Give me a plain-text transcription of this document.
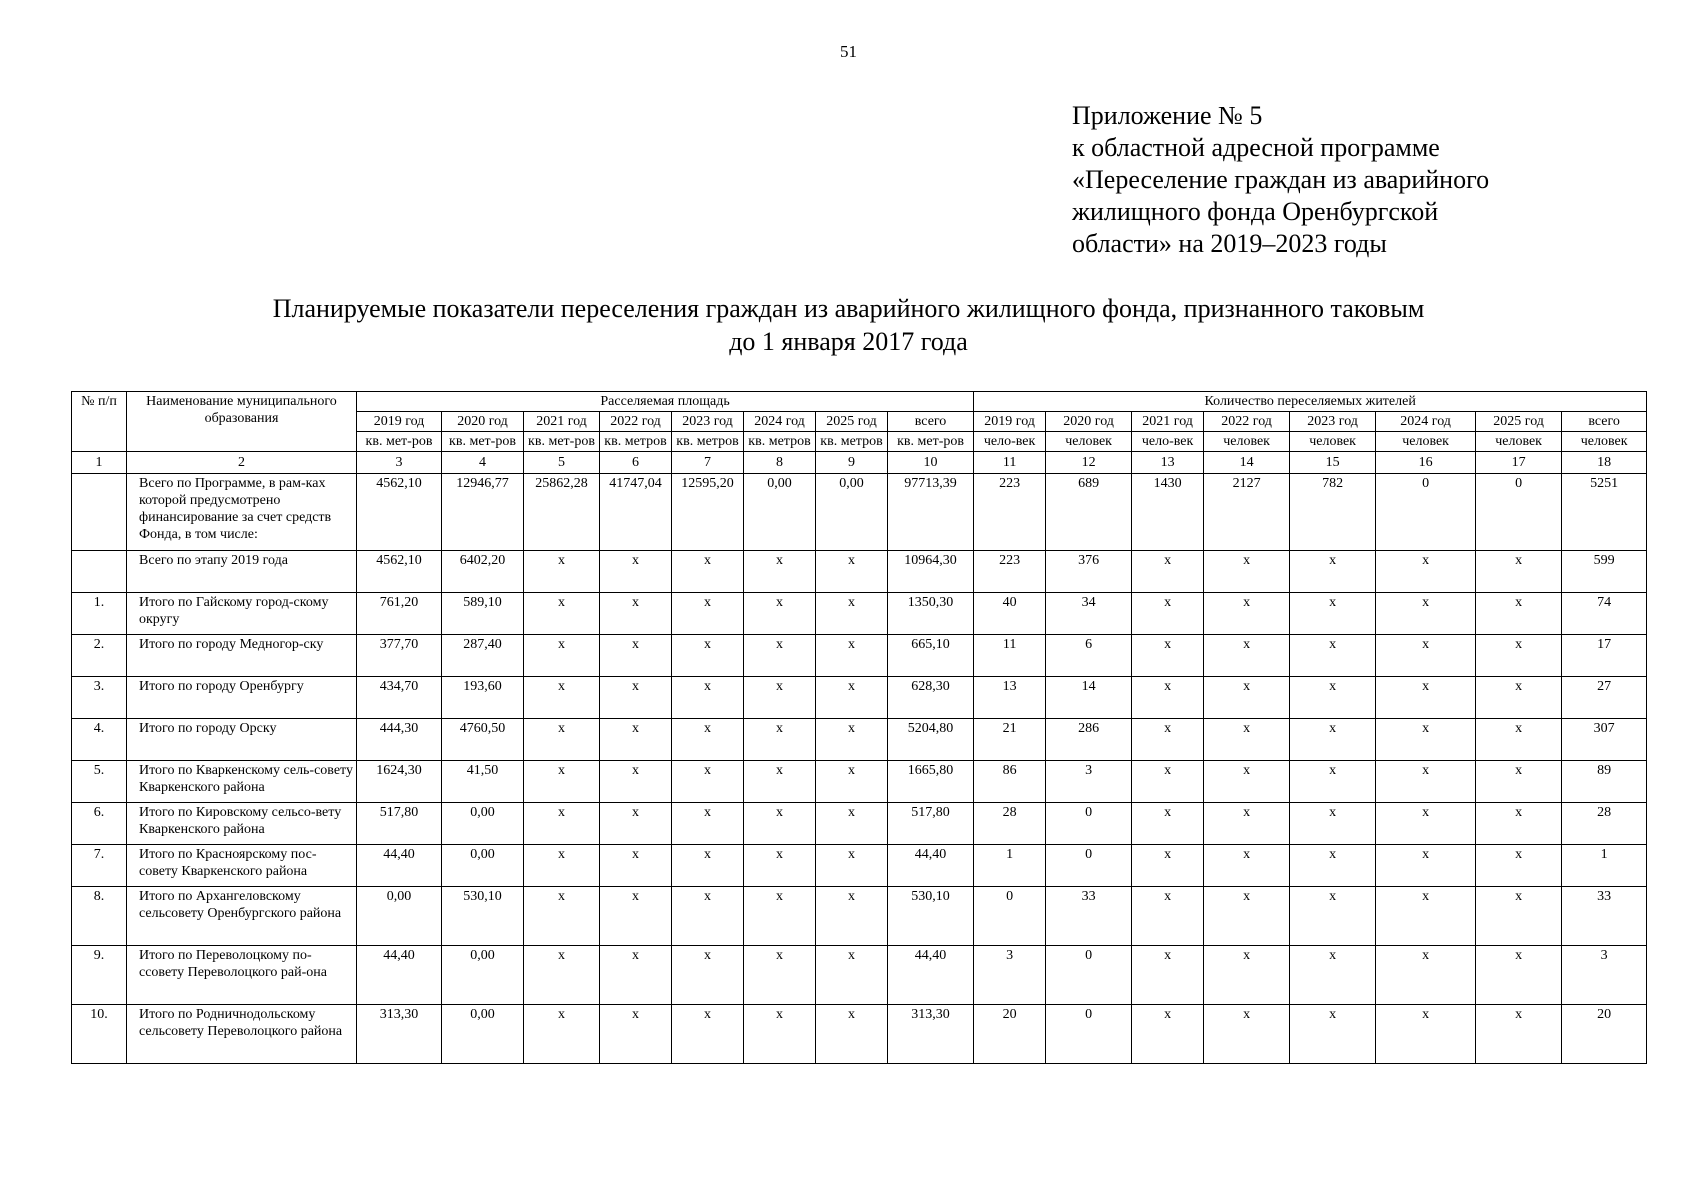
51
Приложение № 5
к областной адресной программе
«Переселение граждан из аварийного
жилищного фонда Оренбургской
области» на 2019–2023 годы
Планируемые показатели переселения граждан из аварийного жилищного фонда, признанного таковым
до 1 января 2017 года
№ п/п	Наименование муниципального образования	Расселяемая площадь								Количество переселяемых жителей							
		2019 год	2020 год	2021 год	2022 год	2023 год	2024 год	2025 год	всего	2019 год	2020 год	2021 год	2022 год	2023 год	2024 год	2025 год	всего
		кв. мет-ров	кв. мет-ров	кв. мет-ров	кв. метров	кв. метров	кв. метров	кв. метров	кв. мет-ров	чело-век	человек	чело-век	человек	человек	человек	человек	человек
1	2	3	4	5	6	7	8	9	10	11	12	13	14	15	16	17	18
	Всего по Программе, в рам-ках которой предусмотрено финансирование за счет средств Фонда, в том числе:	4562,10	12946,77	25862,28	41747,04	12595,20	0,00	0,00	97713,39	223	689	1430	2127	782	0	0	5251
	Всего по этапу 2019 года	4562,10	6402,20	х	х	х	х	х	10964,30	223	376	х	х	х	х	х	599
1.	Итого по Гайскому город-скому округу	761,20	589,10	х	х	х	х	х	1350,30	40	34	х	х	х	х	х	74
2.	Итого по городу Медногор-ску	377,70	287,40	х	х	х	х	х	665,10	11	6	х	х	х	х	х	17
3.	Итого по городу Оренбургу	434,70	193,60	х	х	х	х	х	628,30	13	14	х	х	х	х	х	27
4.	Итого по городу Орску	444,30	4760,50	х	х	х	х	х	5204,80	21	286	х	х	х	х	х	307
5.	Итого по Кваркенскому сель-совету Кваркенского района	1624,30	41,50	х	х	х	х	х	1665,80	86	3	х	х	х	х	х	89
6.	Итого по Кировскому сельсо-вету Кваркенского района	517,80	0,00	х	х	х	х	х	517,80	28	0	х	х	х	х	х	28
7.	Итого по Красноярскому пос-совету Кваркенского района	44,40	0,00	х	х	х	х	х	44,40	1	0	х	х	х	х	х	1
8.	Итого по Архангеловскому сельсовету Оренбургского района	0,00	530,10	х	х	х	х	х	530,10	0	33	х	х	х	х	х	33
9.	Итого по Переволоцкому по-ссовету Переволоцкого рай-она	44,40	0,00	х	х	х	х	х	44,40	3	0	х	х	х	х	х	3
10.	Итого по Родничнодольскому сельсовету Переволоцкого района	313,30	0,00	х	х	х	х	х	313,30	20	0	х	х	х	х	х	20
